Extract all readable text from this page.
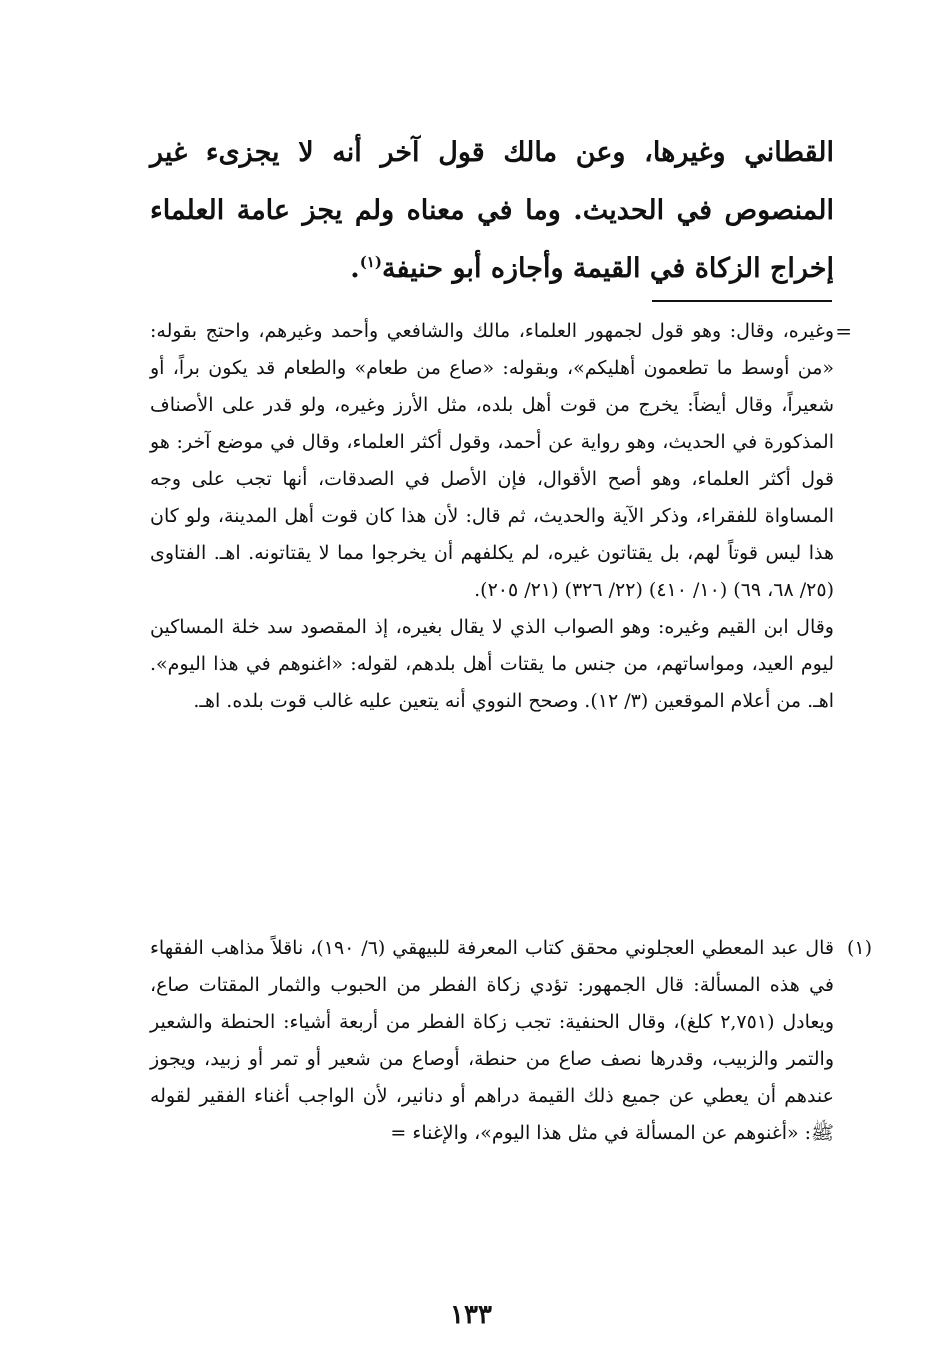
القطاني وغيرها، وعن مالك قول آخر أنه لا يجزىء غير المنصوص في الحديث. وما في معناه ولم يجز عامة العلماء إخراج الزكاة في القيمة وأجازه أبو حنيفة$^{(١)}$.
=

وغيره، وقال: وهو قول لجمهور العلماء، مالك والشافعي وأحمد وغيرهم، واحتج بقوله: «من أوسط ما تطعمون أهليكم»، وبقوله: «صاع من طعام» والطعام قد يكون براً، أو شعيراً، وقال أيضاً: يخرج من قوت أهل بلده، مثل الأرز وغيره، ولو قدر على الأصناف المذكورة في الحديث، وهو رواية عن أحمد، وقول أكثر العلماء، وقال في موضع آخر: هو قول أكثر العلماء، وهو أصح الأقوال، فإن الأصل في الصدقات، أنها تجب على وجه المساواة للفقراء، وذكر الآية والحديث، ثم قال: لأن هذا كان قوت أهل المدينة، ولو كان هذا ليس قوتاً لهم، بل يقتاتون غيره، لم يكلفهم أن يخرجوا مما لا يقتاتونه. اهـ. الفتاوى (٢٥/ ٦٨، ٦٩) (١٠/ ٤١٠) (٢٢/ ٣٢٦) (٢١/ ٢٠٥).

وقال ابن القيم وغيره: وهو الصواب الذي لا يقال بغيره، إذ المقصود سد خلة المساكين ليوم العيد، ومواساتهم، من جنس ما يقتات أهل بلدهم، لقوله: «اغنوهم في هذا اليوم». اهـ. من أعلام الموقعين (٣/ ١٢). وصحح النووي أنه يتعين عليه غالب قوت بلده. اهـ.

(١)
قال عبد المعطي العجلوني محقق كتاب المعرفة للبيهقي (٦/ ١٩٠)، ناقلاً مذاهب الفقهاء في هذه المسألة: قال الجمهور: تؤدي زكاة الفطر من الحبوب والثمار المقتات صاع، ويعادل (٢,٧٥١ كلغ)، وقال الحنفية: تجب زكاة الفطر من أربعة أشياء: الحنطة والشعير والتمر والزبيب، وقدرها نصف صاع من حنطة، أوصاع من شعير أو تمر أو زبيد، ويجوز عندهم أن يعطي عن جميع ذلك القيمة دراهم أو دنانير، لأن الواجب أغناء الفقير لقوله ﷺ: «أغنوهم عن المسألة في مثل هذا اليوم»، والإغناء =
١٣٣
